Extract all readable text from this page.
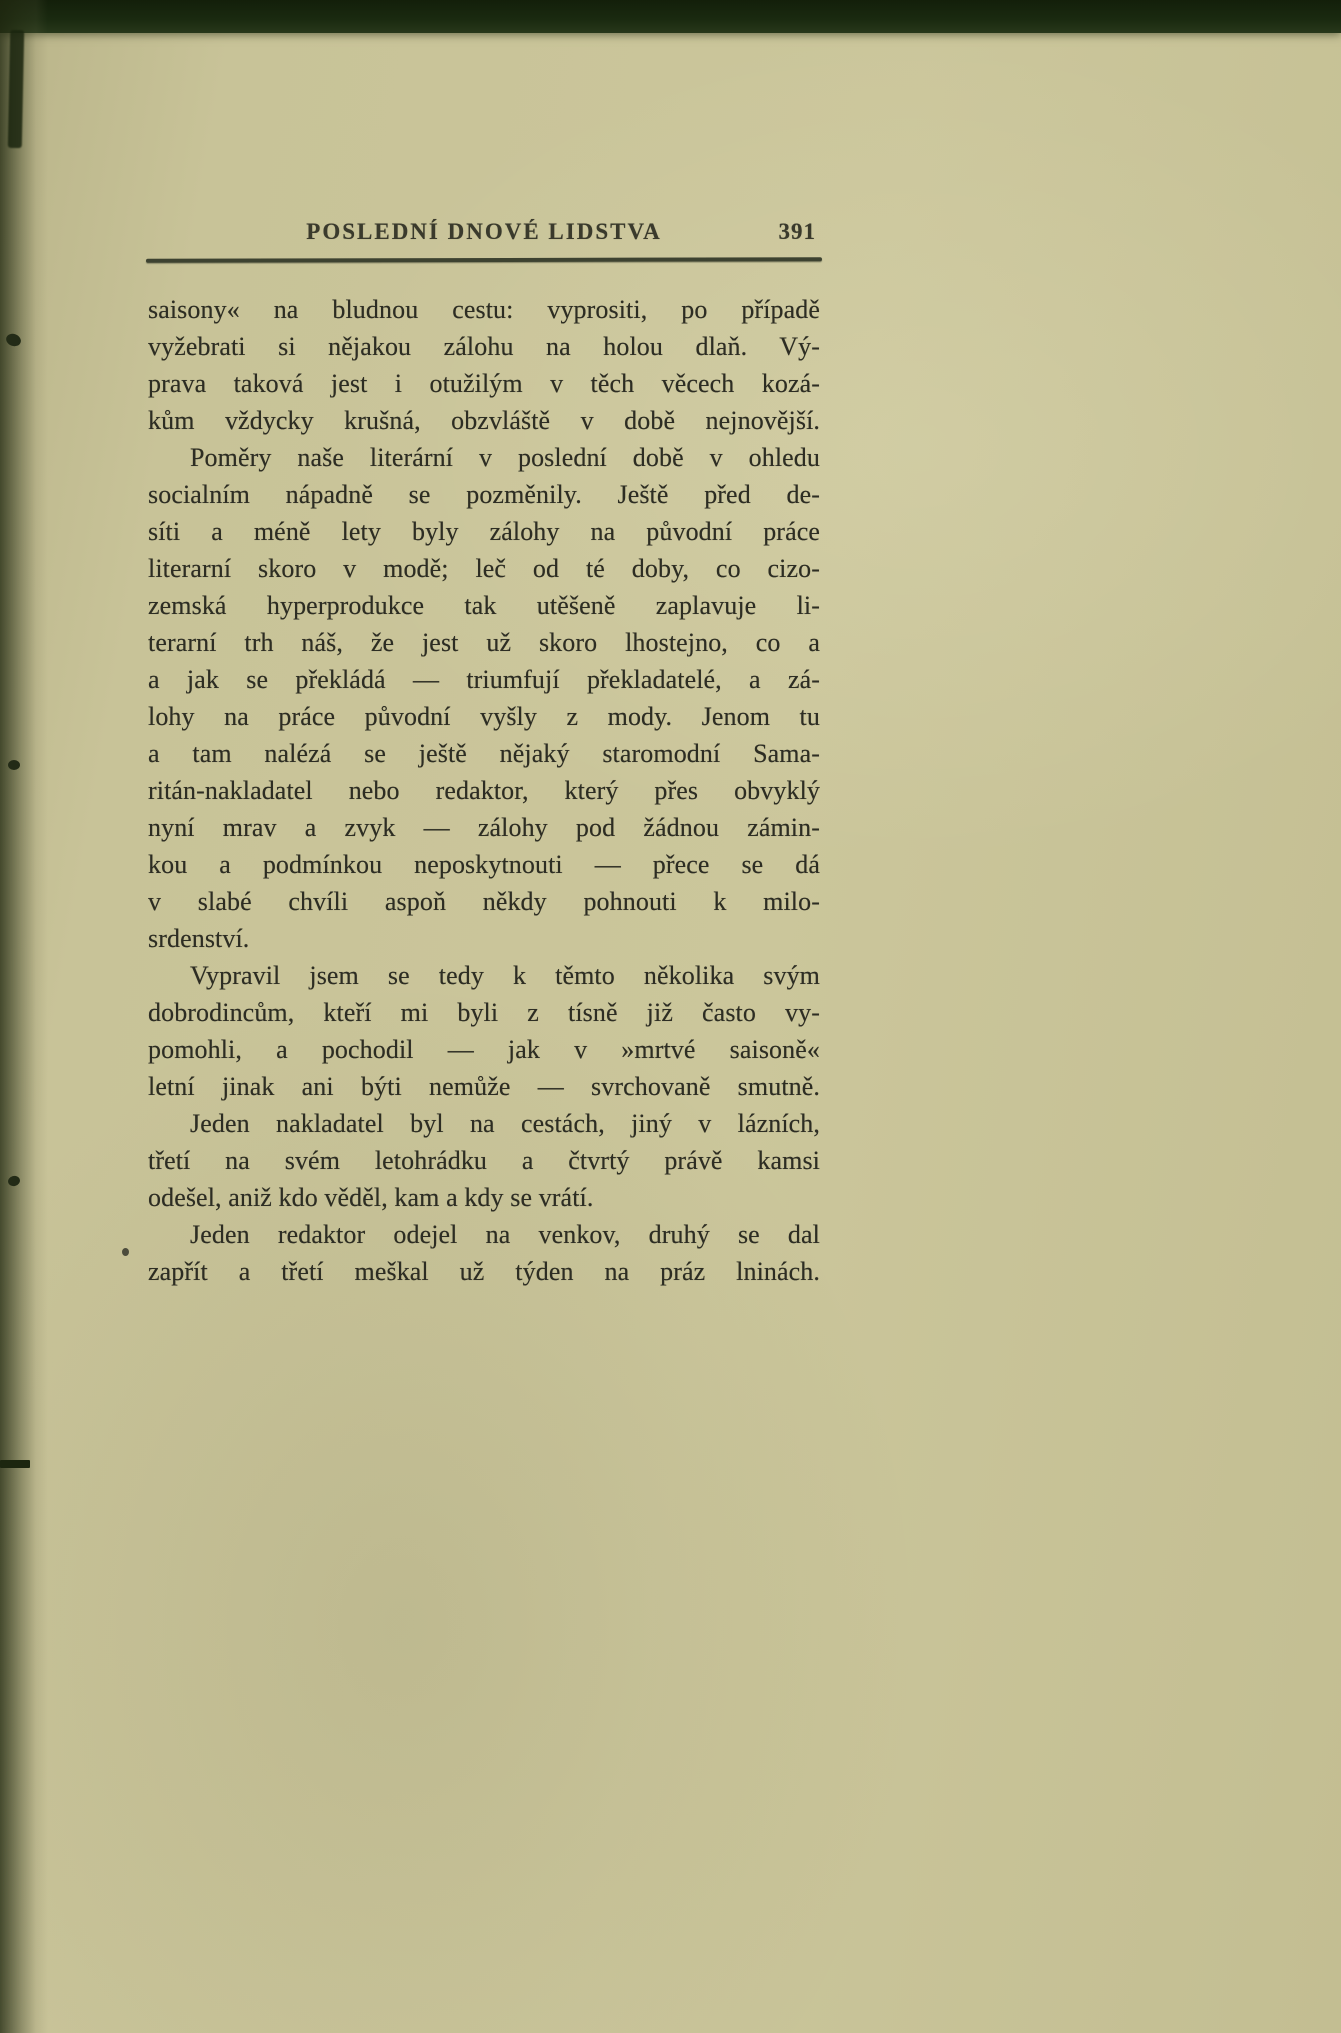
POSLEDNÍ DNOVÉ LIDSTVA	391
saisony« na bludnou cestu: vyprositi, po případě
vyžebrati si nějakou zálohu na holou dlaň. Vý-
prava taková jest i otužilým v těch věcech kozá-
kům vždycky krušná, obzvláště v době nejnovější.
Poměry naše literární v poslední době v ohledu
socialním nápadně se pozměnily. Ještě před de-
síti a méně lety byly zálohy na původní práce
literarní skoro v modě; leč od té doby, co cizo-
zemská hyperprodukce tak utěšeně zaplavuje li-
terarní trh náš, že jest už skoro lhostejno, co a
a jak se překládá — triumfují překladatelé, a zá-
lohy na práce původní vyšly z mody. Jenom tu
a tam nalézá se ještě nějaký staromodní Sama-
ritán-nakladatel nebo redaktor, který přes obvyklý
nyní mrav a zvyk — zálohy pod žádnou zámin-
kou a podmínkou neposkytnouti — přece se dá
v slabé chvíli aspoň někdy pohnouti k milo-
srdenství.
Vypravil jsem se tedy k těmto několika svým
dobrodincům, kteří mi byli z tísně již často vy-
pomohli, a pochodil — jak v »mrtvé saisoně«
letní jinak ani býti nemůže — svrchovaně smutně.
Jeden nakladatel byl na cestách, jiný v lázních,
třetí na svém letohrádku a čtvrtý právě kamsi
odešel, aniž kdo věděl, kam a kdy se vrátí.
Jeden redaktor odejel na venkov, druhý se dal
zapřít a třetí meškal už týden na práz lninách.
